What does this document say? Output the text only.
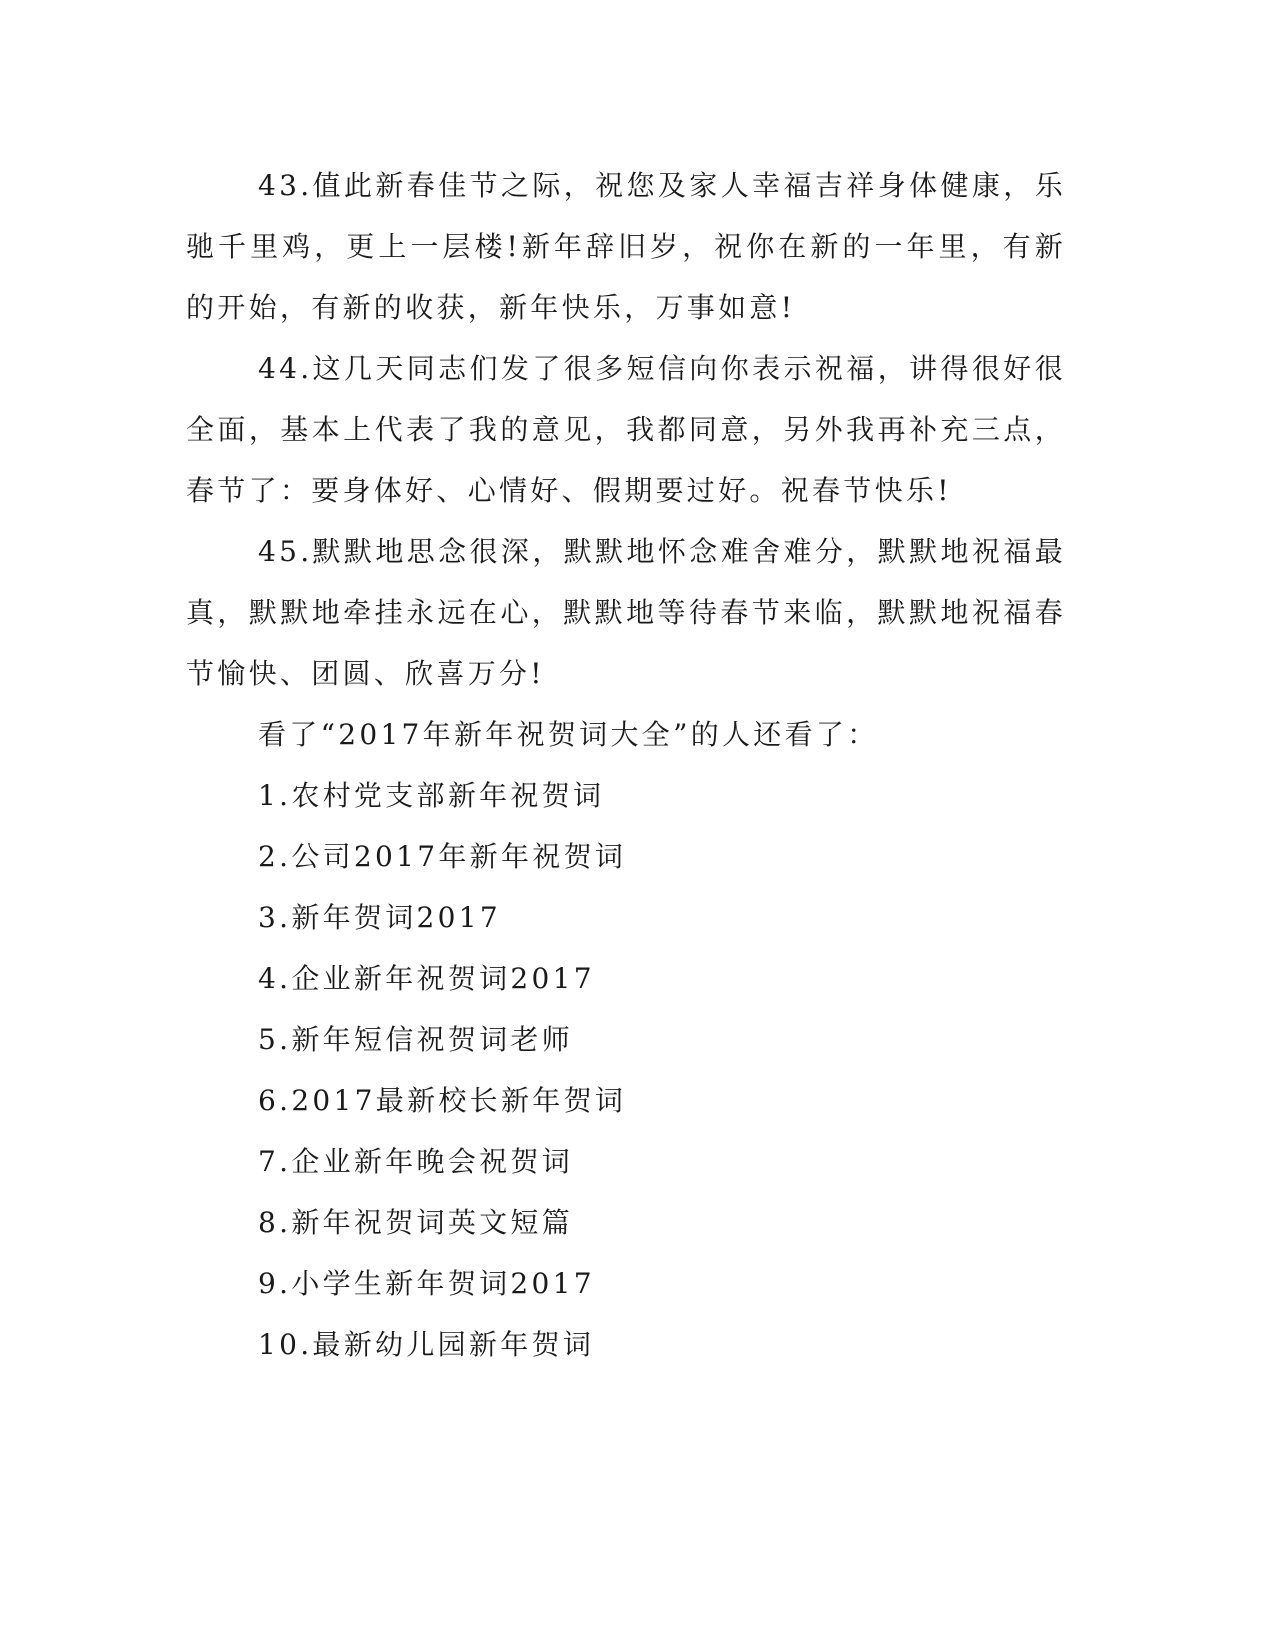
43.值此新春佳节之际，祝您及家人幸福吉祥身体健康，乐驰千里鸡，更上一层楼!新年辞旧岁，祝你在新的一年里，有新的开始，有新的收获，新年快乐，万事如意!

44.这几天同志们发了很多短信向你表示祝福，讲得很好很全面，基本上代表了我的意见，我都同意，另外我再补充三点，春节了：要身体好、心情好、假期要过好。祝春节快乐!

45.默默地思念很深，默默地怀念难舍难分，默默地祝福最真，默默地牵挂永远在心，默默地等待春节来临，默默地祝福春节愉快、团圆、欣喜万分!

看了“2017年新年祝贺词大全”的人还看了：

1.农村党支部新年祝贺词
2.公司2017年新年祝贺词
3.新年贺词2017
4.企业新年祝贺词2017
5.新年短信祝贺词老师
6.2017最新校长新年贺词
7.企业新年晚会祝贺词
8.新年祝贺词英文短篇
9.小学生新年贺词2017
10.最新幼儿园新年贺词
